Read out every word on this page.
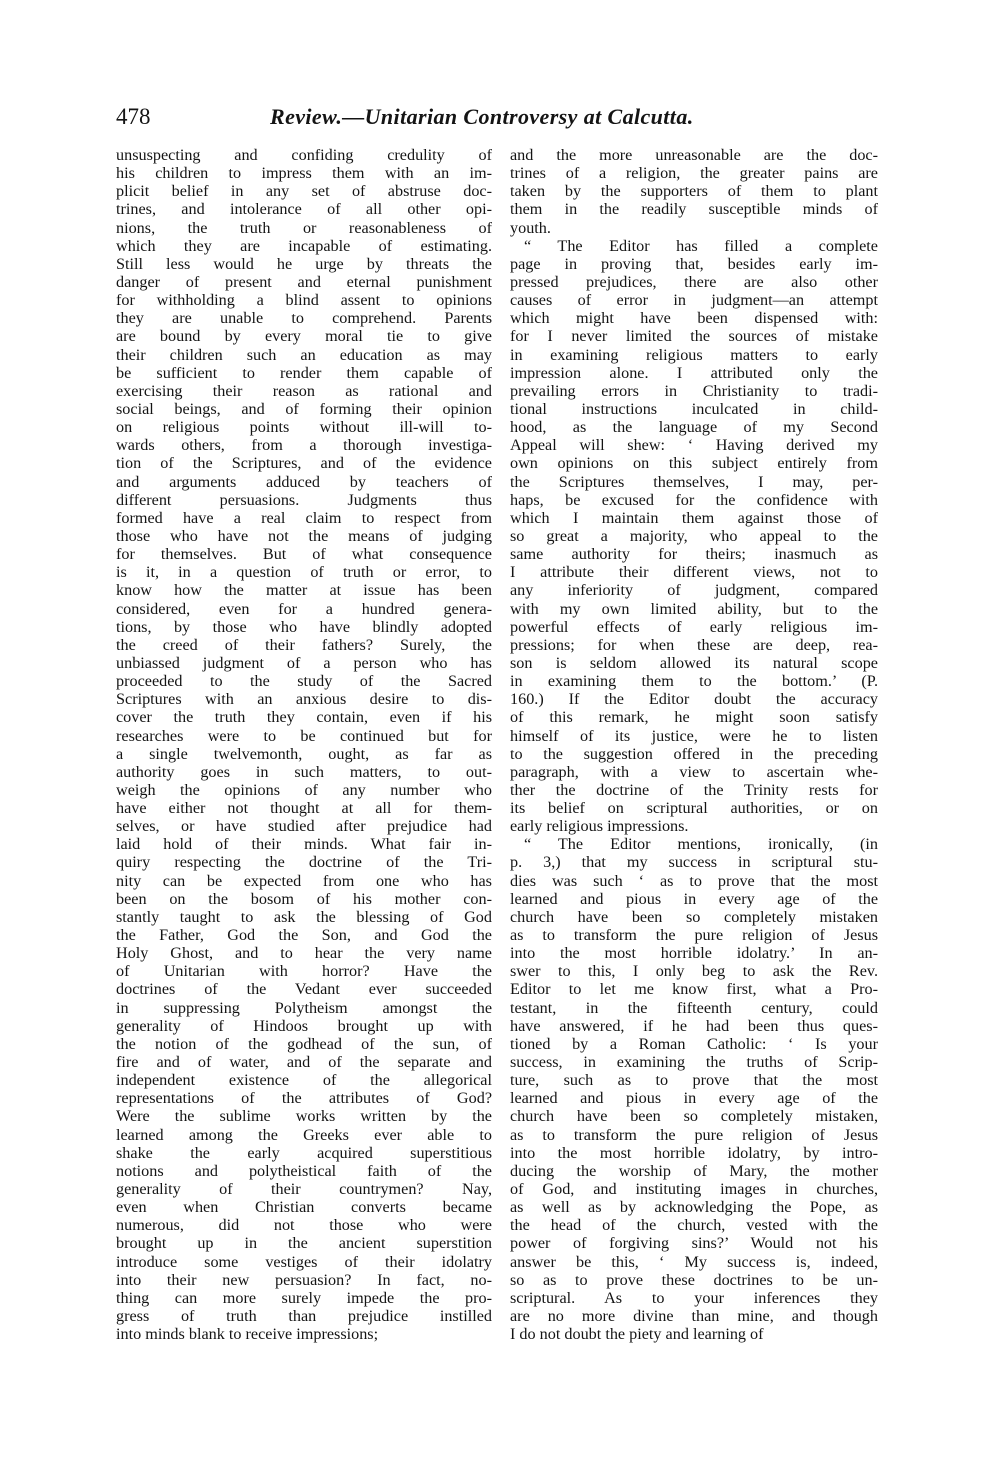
478	Review.—Unitarian Controversy at Calcutta.
unsuspecting and confiding credulity of
his children to impress them with an im-
plicit belief in any set of abstruse doc-
trines, and intolerance of all other opi-
nions, the truth or reasonableness of
which they are incapable of estimating.
Still less would he urge by threats the
danger of present and eternal punishment
for withholding a blind assent to opinions
they are unable to comprehend. Parents
are bound by every moral tie to give
their children such an education as may
be sufficient to render them capable of
exercising their reason as rational and
social beings, and of forming their opinion
on religious points without ill-will to-
wards others, from a thorough investiga-
tion of the Scriptures, and of the evidence
and arguments adduced by teachers of
different persuasions. Judgments thus
formed have a real claim to respect from
those who have not the means of judging
for themselves. But of what consequence
is it, in a question of truth or error, to
know how the matter at issue has been
considered, even for a hundred genera-
tions, by those who have blindly adopted
the creed of their fathers? Surely, the
unbiassed judgment of a person who has
proceeded to the study of the Sacred
Scriptures with an anxious desire to dis-
cover the truth they contain, even if his
researches were to be continued but for
a single twelvemonth, ought, as far as
authority goes in such matters, to out-
weigh the opinions of any number who
have either not thought at all for them-
selves, or have studied after prejudice had
laid hold of their minds. What fair in-
quiry respecting the doctrine of the Tri-
nity can be expected from one who has
been on the bosom of his mother con-
stantly taught to ask the blessing of God
the Father, God the Son, and God the
Holy Ghost, and to hear the very name
of Unitarian with horror? Have the
doctrines of the Vedant ever succeeded
in suppressing Polytheism amongst the
generality of Hindoos brought up with
the notion of the godhead of the sun, of
fire and of water, and of the separate and
independent existence of the allegorical
representations of the attributes of God?
Were the sublime works written by the
learned among the Greeks ever able to
shake the early acquired superstitious
notions and polytheistical faith of the
generality of their countrymen? Nay,
even when Christian converts became
numerous, did not those who were
brought up in the ancient superstition
introduce some vestiges of their idolatry
into their new persuasion? In fact, no-
thing can more surely impede the pro-
gress of truth than prejudice instilled
into minds blank to receive impressions;
and the more unreasonable are the doc-
trines of a religion, the greater pains are
taken by the supporters of them to plant
them in the readily susceptible minds of
youth.
“ The Editor has filled a complete
page in proving that, besides early im-
pressed prejudices, there are also other
causes of error in judgment—an attempt
which might have been dispensed with:
for I never limited the sources of mistake
in examining religious matters to early
impression alone. I attributed only the
prevailing errors in Christianity to tradi-
tional instructions inculcated in child-
hood, as the language of my Second
Appeal will shew: ‘ Having derived my
own opinions on this subject entirely from
the Scriptures themselves, I may, per-
haps, be excused for the confidence with
which I maintain them against those of
so great a majority, who appeal to the
same authority for theirs; inasmuch as
I attribute their different views, not to
any inferiority of judgment, compared
with my own limited ability, but to the
powerful effects of early religious im-
pressions; for when these are deep, rea-
son is seldom allowed its natural scope
in examining them to the bottom.’ (P.
160.) If the Editor doubt the accuracy
of this remark, he might soon satisfy
himself of its justice, were he to listen
to the suggestion offered in the preceding
paragraph, with a view to ascertain whe-
ther the doctrine of the Trinity rests for
its belief on scriptural authorities, or on
early religious impressions.
“ The Editor mentions, ironically, (in
p. 3,) that my success in scriptural stu-
dies was such ‘ as to prove that the most
learned and pious in every age of the
church have been so completely mistaken
as to transform the pure religion of Jesus
into the most horrible idolatry.’ In an-
swer to this, I only beg to ask the Rev.
Editor to let me know first, what a Pro-
testant, in the fifteenth century, could
have answered, if he had been thus ques-
tioned by a Roman Catholic: ‘ Is your
success, in examining the truths of Scrip-
ture, such as to prove that the most
learned and pious in every age of the
church have been so completely mistaken,
as to transform the pure religion of Jesus
into the most horrible idolatry, by intro-
ducing the worship of Mary, the mother
of God, and instituting images in churches,
as well as by acknowledging the Pope, as
the head of the church, vested with the
power of forgiving sins?’ Would not his
answer be this, ‘ My success is, indeed,
so as to prove these doctrines to be un-
scriptural. As to your inferences they
are no more divine than mine, and though
I do not doubt the piety and learning of
